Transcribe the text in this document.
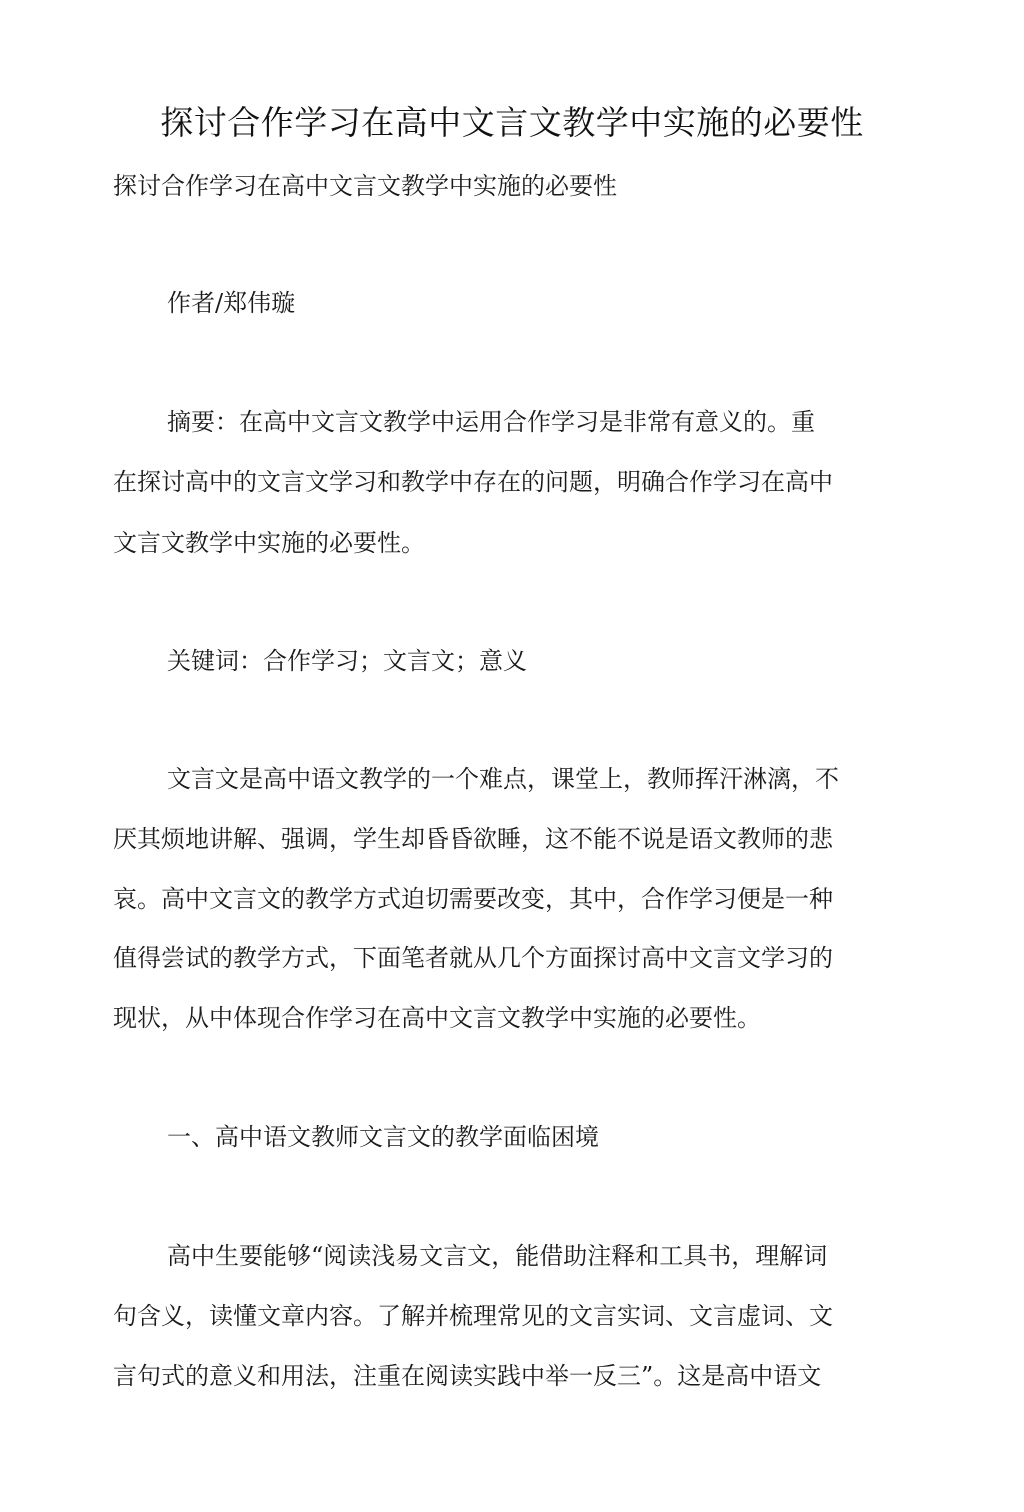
探讨合作学习在高中文言文教学中实施的必要性
探讨合作学习在高中文言文教学中实施的必要性
作者/郑伟璇
摘要：在高中文言文教学中运用合作学习是非常有意义的。重
在探讨高中的文言文学习和教学中存在的问题，明确合作学习在高中
文言文教学中实施的必要性。
关键词：合作学习；文言文；意义
文言文是高中语文教学的一个难点，课堂上，教师挥汗淋漓，不
厌其烦地讲解、强调，学生却昏昏欲睡，这不能不说是语文教师的悲
哀。高中文言文的教学方式迫切需要改变，其中，合作学习便是一种
值得尝试的教学方式，下面笔者就从几个方面探讨高中文言文学习的
现状，从中体现合作学习在高中文言文教学中实施的必要性。
一、高中语文教师文言文的教学面临困境
高中生要能够“阅读浅易文言文，能借助注释和工具书，理解词
句含义，读懂文章内容。了解并梳理常见的文言实词、文言虚词、文
言句式的意义和用法，注重在阅读实践中举一反三”。这是高中语文
